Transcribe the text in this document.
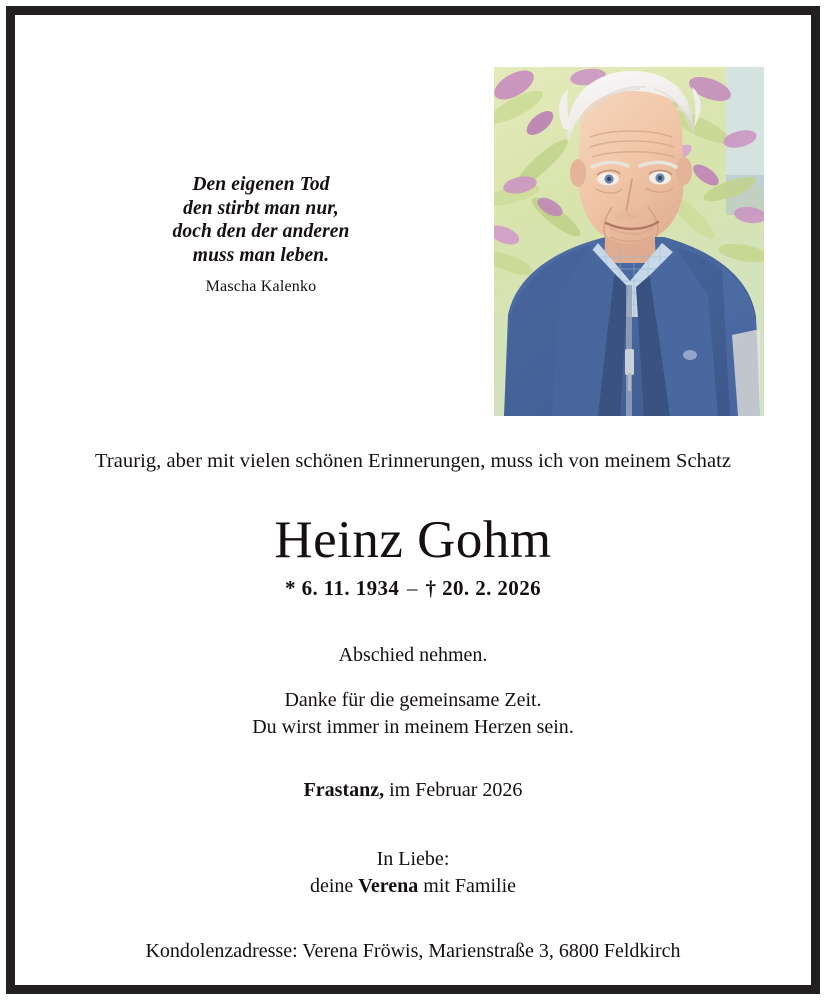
Den eigenen Tod
den stirbt man nur,
doch den der anderen
muss man leben.
Mascha Kalenko
Traurig, aber mit vielen schönen Erinnerungen, muss ich von meinem Schatz
Heinz Gohm
* 6. 11. 1934 – † 20. 2. 2026
Abschied nehmen.
Danke für die gemeinsame Zeit.
Du wirst immer in meinem Herzen sein.
Frastanz, im Februar 2026
In Liebe:
deine Verena mit Familie
Kondolenzadresse: Verena Fröwis, Marienstraße 3, 6800 Feldkirch
